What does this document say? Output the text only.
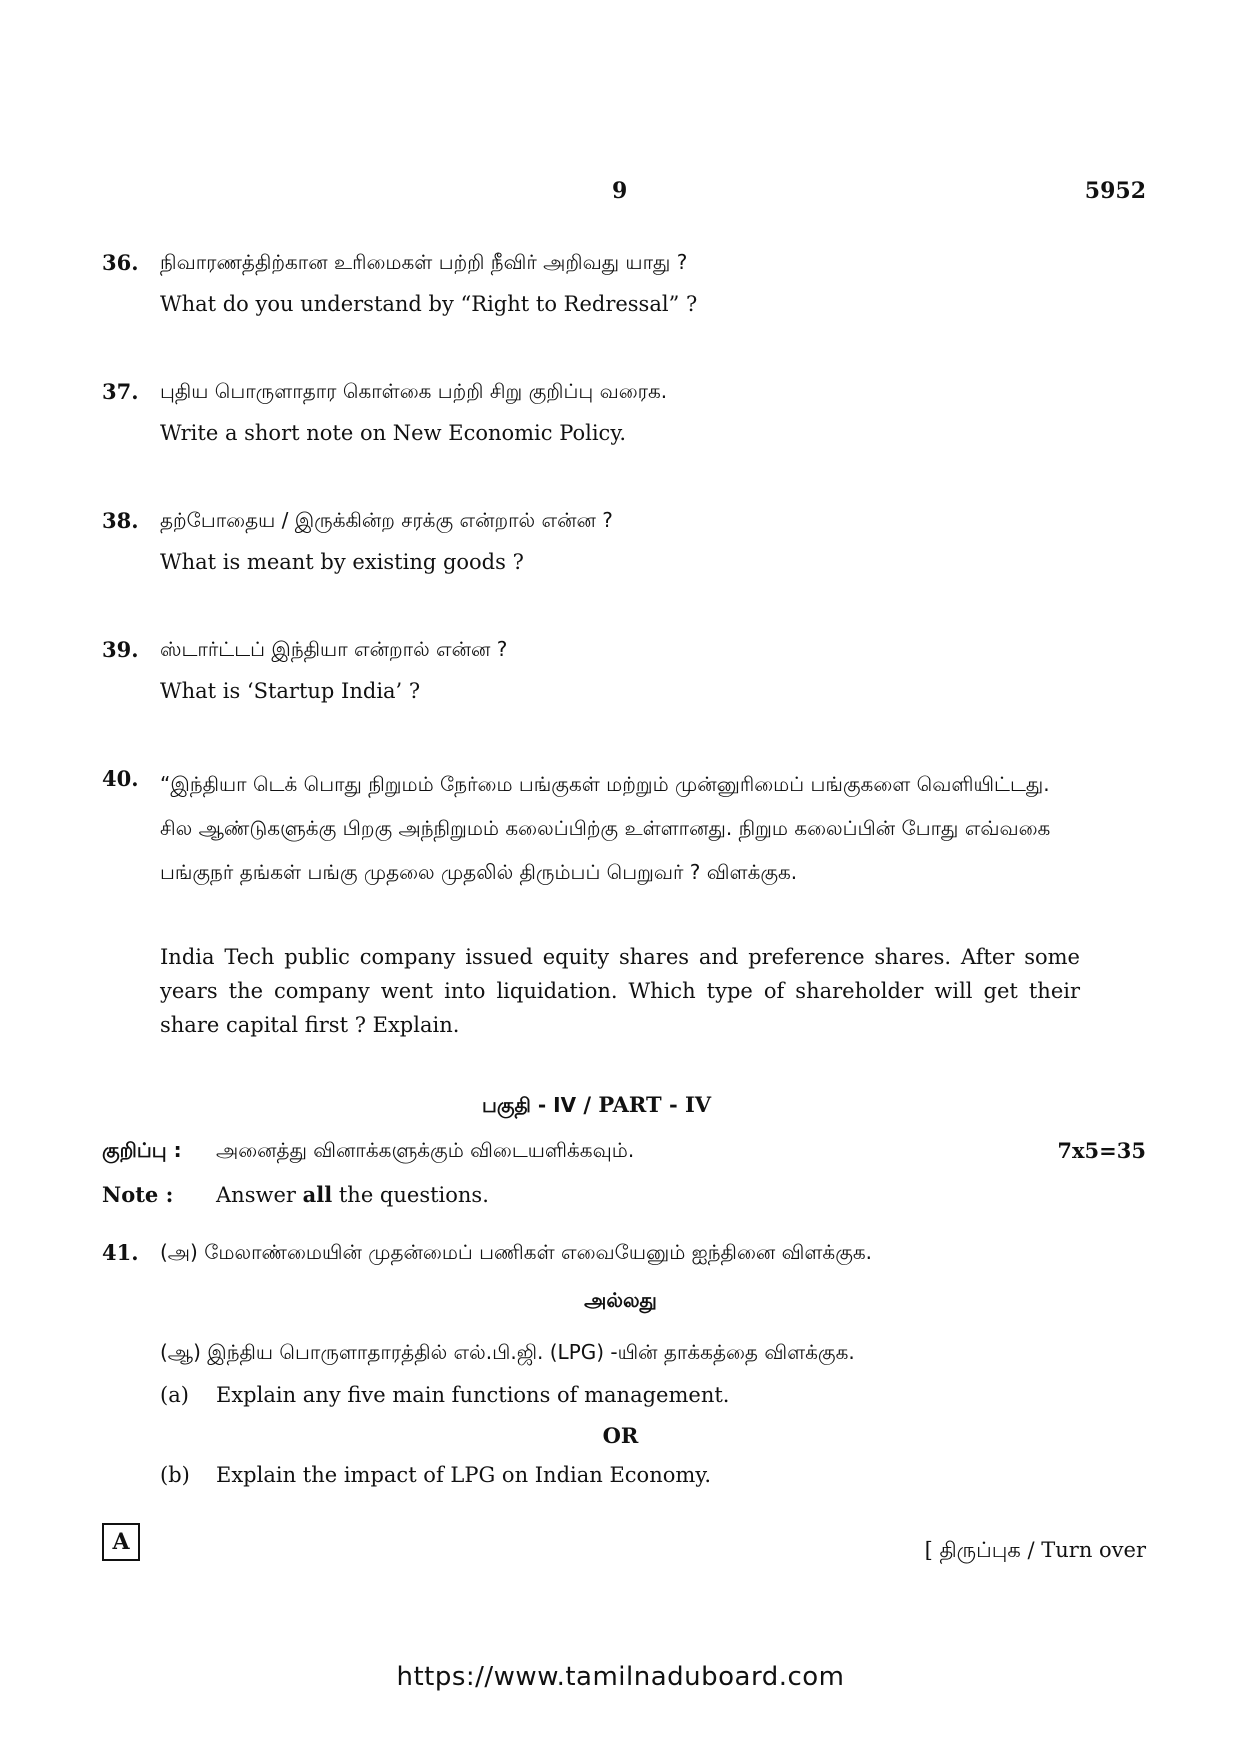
9	5952
36. நிவாரணத்திற்கான உரிமைகள் பற்றி நீவிர் அறிவது யாது ?
What do you understand by “Right to Redressal” ?
37. புதிய பொருளாதார கொள்கை பற்றி சிறு குறிப்பு வரைக.
Write a short note on New Economic Policy.
38. தற்போதைய / இருக்கின்ற சரக்கு என்றால் என்ன ?
What is meant by existing goods ?
39. ஸ்டார்ட்டப் இந்தியா என்றால் என்ன ?
What is ‘Startup India’ ?
40. “இந்தியா டெக் பொது நிறுமம் நேர்மை பங்குகள் மற்றும் முன்னுரிமைப் பங்குகளை வெளியிட்டது. சில ஆண்டுகளுக்கு பிறகு அந்நிறுமம் கலைப்பிற்கு உள்ளானது. நிறும கலைப்பின் போது எவ்வகை பங்குநர் தங்கள் பங்கு முதலை முதலில் திரும்பப் பெறுவர் ? விளக்குக.
India Tech public company issued equity shares and preference shares. After some years the company went into liquidation. Which type of shareholder will get their share capital first ? Explain.
பகுதி - IV / PART - IV
குறிப்பு : அனைத்து வினாக்களுக்கும் விடையளிக்கவும்.	7x5=35
Note : Answer all the questions.
41. (அ) மேலாண்மையின் முதன்மைப் பணிகள் எவையேனும் ஐந்தினை விளக்குக.
அல்லது
(ஆ) இந்திய பொருளாதாரத்தில் எல்.பி.ஜி. (LPG) -யின் தாக்கத்தை விளக்குக.
(a) Explain any five main functions of management.
OR
(b) Explain the impact of LPG on Indian Economy.
A	[ திருப்புக / Turn over
https://www.tamilnaduboard.com
